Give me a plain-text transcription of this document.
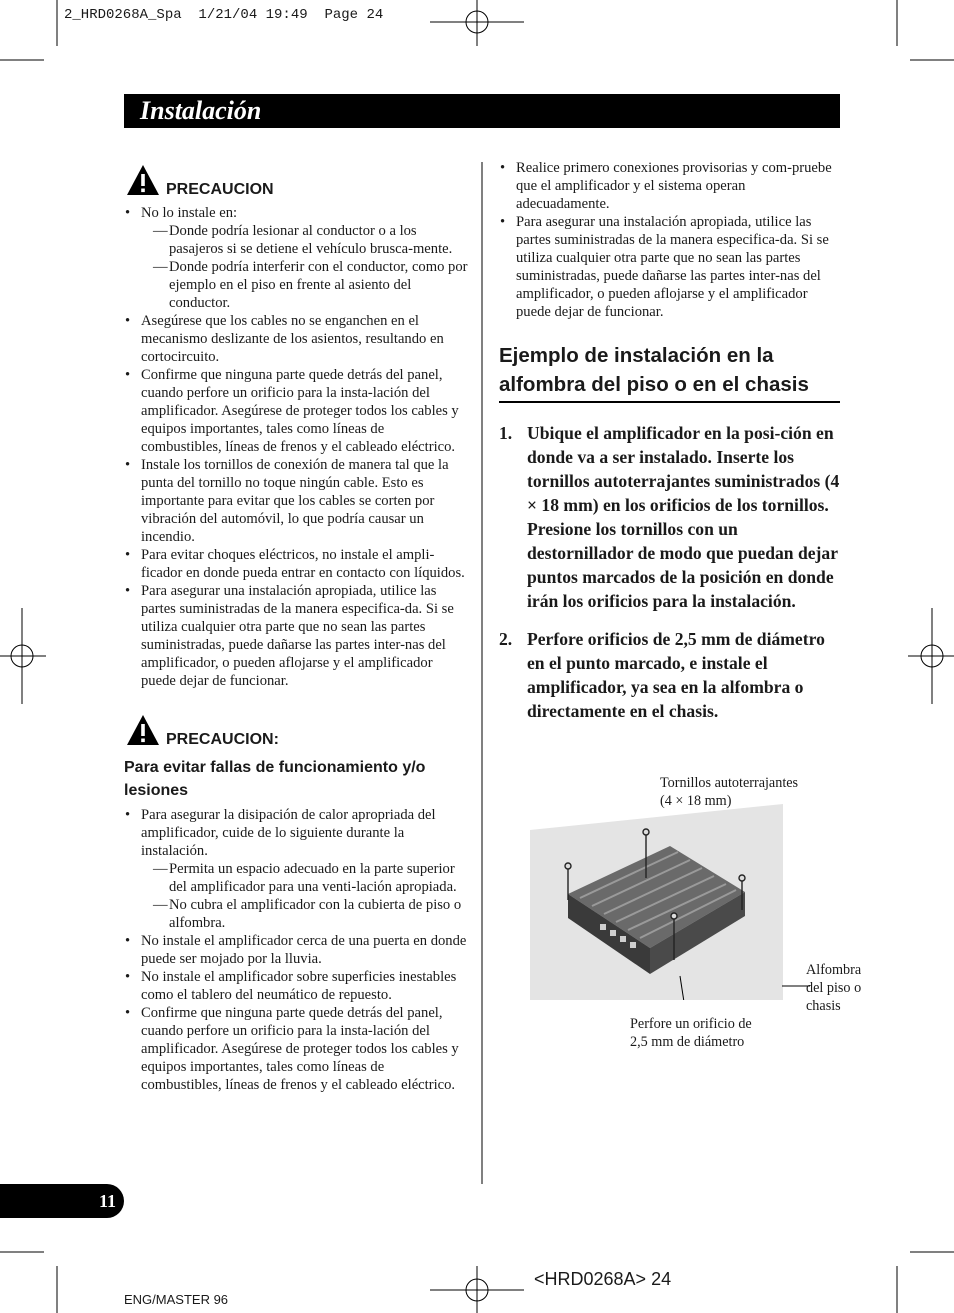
2_HRD0268A_Spa  1/21/04 19:49  Page 24
Instalación
PRECAUCION
• No lo instale en:
— Donde podría lesionar al conductor o a los pasajeros si se detiene el vehículo brusca-mente.
— Donde podría interferir con el conductor, como por ejemplo en el piso en frente al asiento del conductor.
• Asegúrese que los cables no se enganchen en el mecanismo deslizante de los asientos, resultando en cortocircuito.
• Confirme que ninguna parte quede detrás del panel, cuando perfore un orificio para la insta-lación del amplificador. Asegúrese de proteger todos los cables y equipos importantes, tales como líneas de combustibles, líneas de frenos y el cableado eléctrico.
• Instale los tornillos de conexión de manera tal que la punta del tornillo no toque ningún cable. Esto es importante para evitar que los cables se corten por vibración del automóvil, lo que podría causar un incendio.
• Para evitar choques eléctricos, no instale el ampli-ficador en donde pueda entrar en contacto con líquidos.
• Para asegurar una instalación apropiada, utilice las partes suministradas de la manera especifica-da. Si se utiliza cualquier otra parte que no sean las partes suministradas, puede dañarse las partes inter-nas del amplificador, o pueden aflojarse y el amplificador puede dejar de funcionar.
PRECAUCION:
Para evitar fallas de funcionamiento y/o lesiones
• Para asegurar la disipación de calor apropriada del amplificador, cuide de lo siguiente durante la instalación.
— Permita un espacio adecuado en la parte superior del amplificador para una venti-lación apropiada.
— No cubra el amplificador con la cubierta de piso o alfombra.
• No instale el amplificador cerca de una puerta en donde puede ser mojado por la lluvia.
• No instale el amplificador sobre superficies inestables como el tablero del neumático de repuesto.
• Confirme que ninguna parte quede detrás del panel, cuando perfore un orificio para la insta-lación del amplificador. Asegúrese de proteger todos los cables y equipos importantes, tales como líneas de combustibles, líneas de frenos y el cableado eléctrico.
• Realice primero conexiones provisorias y com-pruebe que el amplificador y el sistema operan adecuadamente.
• Para asegurar una instalación apropiada, utilice las partes suministradas de la manera especifica-da. Si se utiliza cualquier otra parte que no sean las partes suministradas, puede dañarse las partes inter-nas del amplificador, o pueden aflojarse y el amplificador puede dejar de funcionar.
Ejemplo de instalación en la alfombra del piso o en el chasis
1. Ubique el amplificador en la posi-ción en donde va a ser instalado. Inserte los tornillos autoterrajantes suministrados (4 × 18 mm) en los orificios de los tornillos. Presione los tornillos con un destornillador de modo que puedan dejar puntos marcados de la posición en donde irán los orificios para la instalación.
2. Perfore orificios de 2,5 mm de diámetro en el punto marcado, e instale el amplificador, ya sea en la alfombra o directamente en el chasis.
Tornillos autoterrajantes
(4 × 18 mm)
Alfombra
del piso o
chasis
Perfore un orificio de
2,5 mm de diámetro
11
ENG/MASTER 96
<HRD0268A> 24
